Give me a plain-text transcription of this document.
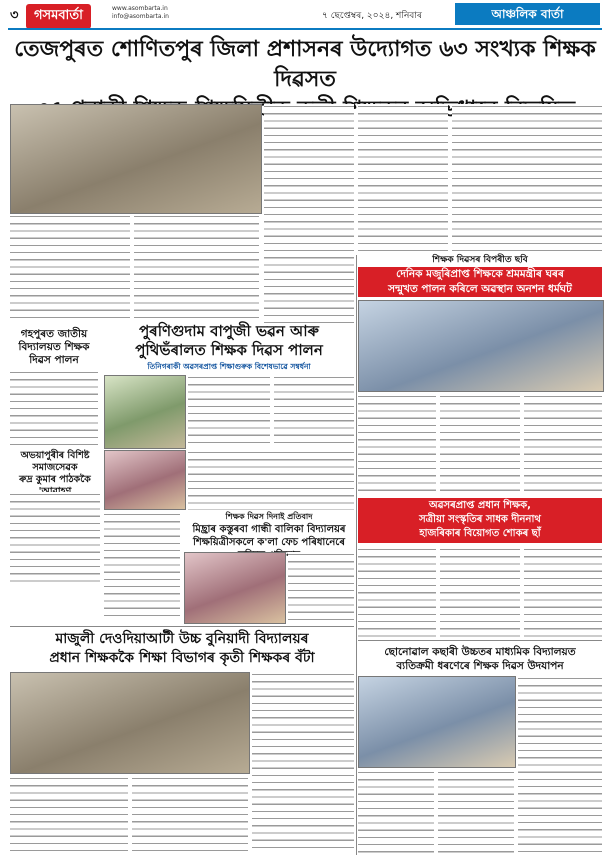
৩	গসমবাৰ্তা	www.asombarta.in
info@asombarta.in	৭ ছেপ্তেম্বৰ, ২০২৪, শনিবাৰ	আঞ্চলিক বাৰ্তা
তেজপুৰত শোণিতপুৰ জিলা প্ৰশাসনৰ উদ্যোগত ৬৩ সংখ্যক শিক্ষক দিৱসত
শিক্ষক দিৱসৰ বিপৰীত ছবি
দেনিক মজুৰিপ্ৰাপ্ত শিক্ষকে শ্ৰমমন্ত্ৰীৰ ঘৰৰ
সন্মুখত পালন কৰিলে অৱস্থান অনশন ধৰ্মঘট
গহপুৰত জাতীয়
বিদ্যালয়ত শিক্ষক
দিৱস পালন
পুৰণিগুদাম বাপুজী ভৱন আৰু
পুথিভঁৰালত শিক্ষক দিৱস পালন
তিনিগৰাকী অৱসৰপ্ৰাপ্ত শিক্ষাগুৰুক বিশেষভাৱে সম্বৰ্ধনা
অভয়াপুৰীৰ বিশিষ্ট সমাজসেৱক
ৰুদ্ৰ কুমাৰ পাঠককৈ
শিক্ষক দিৱস দিনাই প্ৰতিবাদ
মিছ্ৰাৰ কস্তুৰবা গান্ধী বালিকা বিদ্যালয়ৰ
শিক্ষয়িত্ৰীসকলে ক'লা ফেচ পৰিধানেৰে
অৱসৰপ্ৰাপ্ত প্ৰধান শিক্ষক,
সত্ৰীয়া সংস্কৃতিৰ সাধক দীননাথ
হাজৰিকাৰ বিয়োগত শোকৰ ছাঁ
মাজুলী দেওদিয়াআটী উচ্চ বুনিয়াদী বিদ্যালয়ৰ
প্ৰধান শিক্ষককৈ শিক্ষা বিভাগৰ কৃতী শিক্ষকৰ বঁটা	ছোনোৱাল কছাৰী উচ্চতৰ মাধ্যমিক বিদ্যালয়ত
ব্যতিক্ৰমী ধৰণেৰে শিক্ষক দিৱস উদযাপন
